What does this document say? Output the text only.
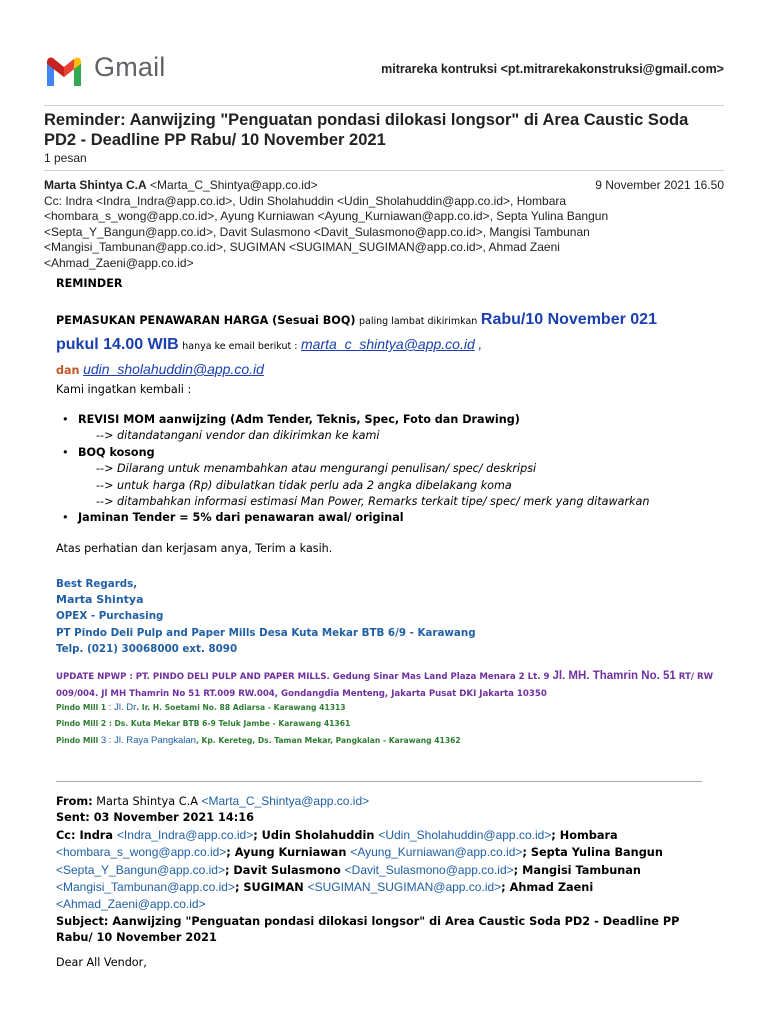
Gmail	mitrareka kontruksi <pt.mitrarekakonstruksi@gmail.com>
Reminder: Aanwijzing "Penguatan pondasi dilokasi longsor" di Area Caustic Soda PD2 - Deadline PP Rabu/ 10 November 2021
1 pesan
Marta Shintya C.A <Marta_C_Shintya@app.co.id>	9 November 2021 16.50
Cc: Indra <Indra_Indra@app.co.id>, Udin Sholahuddin <Udin_Sholahuddin@app.co.id>, Hombara
<hombara_s_wong@app.co.id>, Ayung Kurniawan <Ayung_Kurniawan@app.co.id>, Septa Yulina Bangun
<Septa_Y_Bangun@app.co.id>, Davit Sulasmono <Davit_Sulasmono@app.co.id>, Mangisi Tambunan
<Mangisi_Tambunan@app.co.id>, SUGIMAN <SUGIMAN_SUGIMAN@app.co.id>, Ahmad Zaeni
<Ahmad_Zaeni@app.co.id>
REMINDER
PEMASUKAN PENAWARAN HARGA (Sesuai BOQ) paling lambat dikirimkan Rabu/10 November 021
pukul 14.00 WIB hanya ke email berikut : marta_c_shintya@app.co.id ,
dan udin_sholahuddin@app.co.id
Kami ingatkan kembali :
• REVISI MOM aanwijzing (Adm Tender, Teknis, Spec, Foto dan Drawing)
--> ditandatangani vendor dan dikirimkan ke kami
• BOQ kosong
--> Dilarang untuk menambahkan atau mengurangi penulisan/ spec/ deskripsi
--> untuk harga (Rp) dibulatkan tidak perlu ada 2 angka dibelakang koma
--> ditambahkan informasi estimasi Man Power, Remarks terkait tipe/ spec/ merk yang ditawarkan
• Jaminan Tender = 5% dari penawaran awal/ original
Atas perhatian dan kerjasam anya, Terim a kasih.
Best Regards,
Marta Shintya
OPEX - Purchasing
PT Pindo Deli Pulp and Paper Mills Desa Kuta Mekar BTB 6/9 - Karawang
Telp. (021) 30068000 ext. 8090
UPDATE NPWP : PT. PINDO DELI PULP AND PAPER MILLS. Gedung Sinar Mas Land Plaza Menara 2 Lt. 9 Jl. MH. Thamrin No. 51 RT/ RW 009/004. Jl MH Thamrin No 51 RT.009 RW.004, Gondangdia Menteng, Jakarta Pusat DKI Jakarta 10350
Pindo Mill 1 : Jl. Dr. Ir. H. Soetami No. 88 Adiarsa - Karawang 41313
Pindo Mill 2 : Ds. Kuta Mekar BTB 6-9 Teluk Jambe - Karawang 41361
Pindo Mill 3 : Jl. Raya Pangkalan, Kp. Kereteg, Ds. Taman Mekar, Pangkalan - Karawang 41362
From: Marta Shintya C.A <Marta_C_Shintya@app.co.id>
Sent: 03 November 2021 14:16
Cc: Indra <Indra_Indra@app.co.id>; Udin Sholahuddin <Udin_Sholahuddin@app.co.id>; Hombara <hombara_s_wong@app.co.id>; Ayung Kurniawan <Ayung_Kurniawan@app.co.id>; Septa Yulina Bangun <Septa_Y_Bangun@app.co.id>; Davit Sulasmono <Davit_Sulasmono@app.co.id>; Mangisi Tambunan <Mangisi_Tambunan@app.co.id>; SUGIMAN <SUGIMAN_SUGIMAN@app.co.id>; Ahmad Zaeni <Ahmad_Zaeni@app.co.id>
Subject: Aanwijzing "Penguatan pondasi dilokasi longsor" di Area Caustic Soda PD2 - Deadline PP Rabu/ 10 November 2021
Dear All Vendor,
